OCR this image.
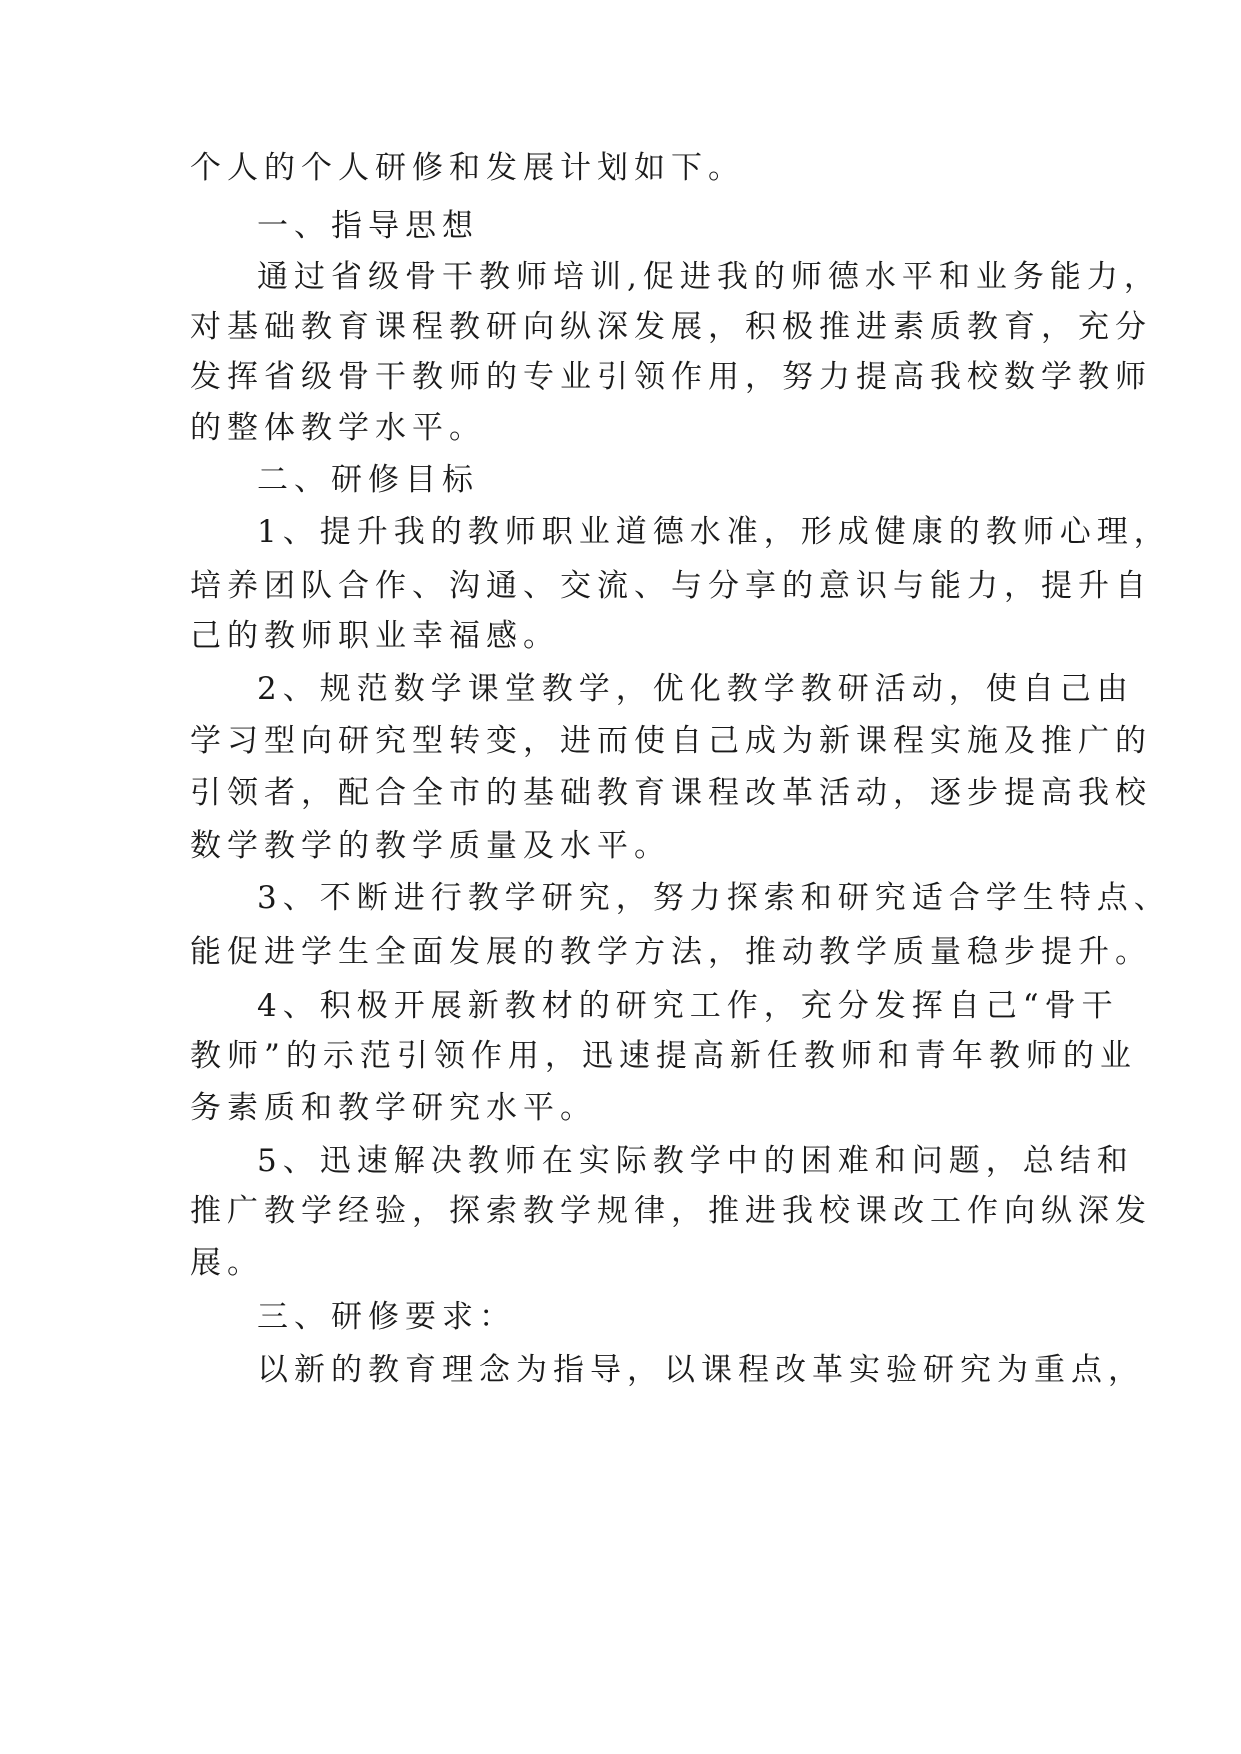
个人的个人研修和发展计划如下。
一、指导思想
通过省级骨干教师培训,促进我的师德水平和业务能力，
对基础教育课程教研向纵深发展，积极推进素质教育，充分
发挥省级骨干教师的专业引领作用，努力提高我校数学教师
的整体教学水平。
二、研修目标
1、提升我的教师职业道德水准，形成健康的教师心理，
培养团队合作、沟通、交流、与分享的意识与能力，提升自
己的教师职业幸福感。
2、规范数学课堂教学，优化教学教研活动，使自己由
学习型向研究型转变，进而使自己成为新课程实施及推广的
引领者，配合全市的基础教育课程改革活动，逐步提高我校
数学教学的教学质量及水平。
3、不断进行教学研究，努力探索和研究适合学生特点、
能促进学生全面发展的教学方法，推动教学质量稳步提升。
4、积极开展新教材的研究工作，充分发挥自己“骨干
教师”的示范引领作用，迅速提高新任教师和青年教师的业
务素质和教学研究水平。
5、迅速解决教师在实际教学中的困难和问题，总结和
推广教学经验，探索教学规律，推进我校课改工作向纵深发
展。
三、研修要求：
以新的教育理念为指导，以课程改革实验研究为重点，
